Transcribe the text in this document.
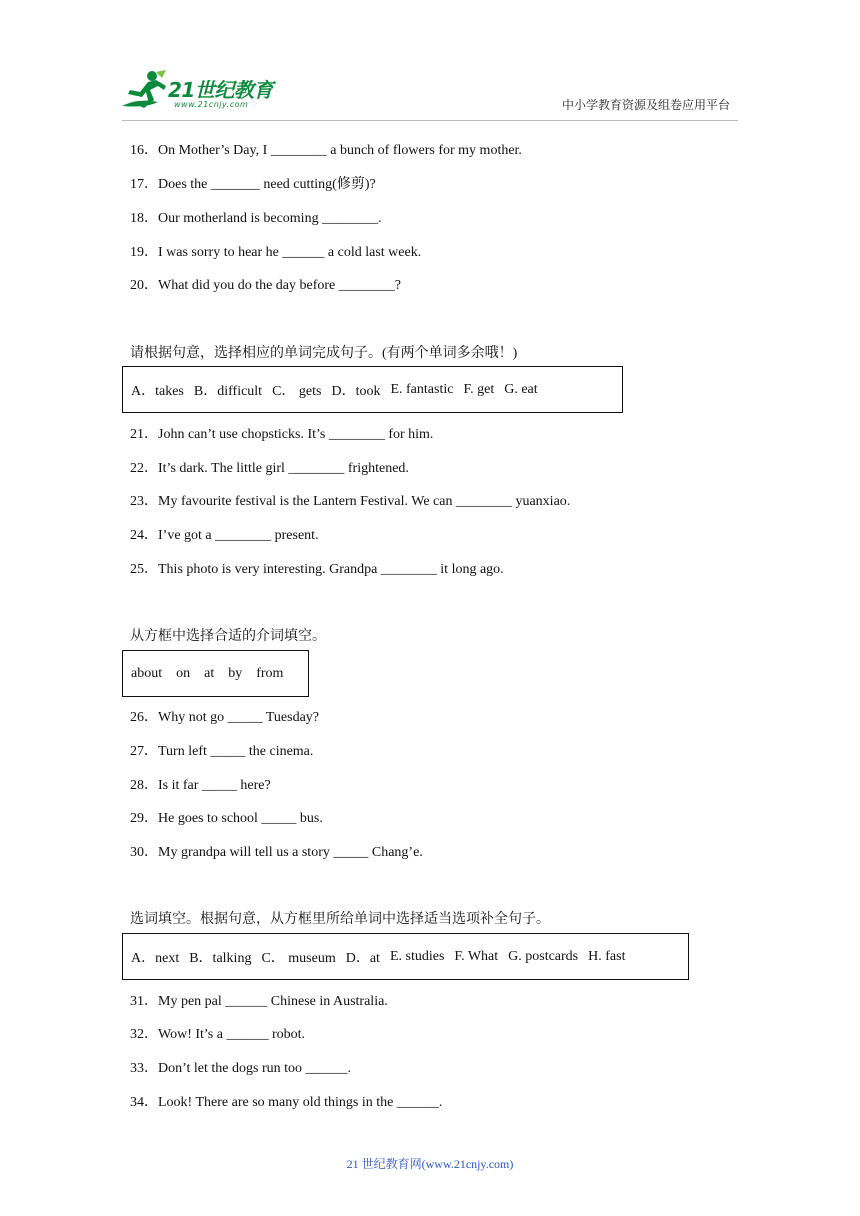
21世纪教育
www.21cnjy.com	中小学教育资源及组卷应用平台
16．On Mother’s Day, I ________ a bunch of flowers for my mother.
17．Does the _______ need cutting(修剪)?
18．Our motherland is becoming ________.
19．I was sorry to hear he ______ a cold last week.
20．What did you do the day before ________?
请根据句意，选择相应的单词完成句子。(有两个单词多余哦！)
A．takes B．difficult C． gets D．took E. fantastic F. get G. eat
21．John can’t use chopsticks. It’s ________ for him.
22．It’s dark. The little girl ________ frightened.
23．My favourite festival is the Lantern Festival. We can ________ yuanxiao.
24．I’ve got a ________ present.
25．This photo is very interesting. Grandpa ________ it long ago.
从方框中选择合适的介词填空。
about on at by from
26．Why not go _____ Tuesday?
27．Turn left _____ the cinema.
28．Is it far _____ here?
29．He goes to school _____ bus.
30．My grandpa will tell us a story _____ Chang’e.
选词填空。根据句意，从方框里所给单词中选择适当选项补全句子。
A．next B．talking C． museum D．at E. studies F. What G. postcards H. fast
31．My pen pal ______ Chinese in Australia.
32．Wow! It’s a ______ robot.
33．Don’t let the dogs run too ______.
34．Look! There are so many old things in the ______.
21 世纪教育网(www.21cnjy.com)
